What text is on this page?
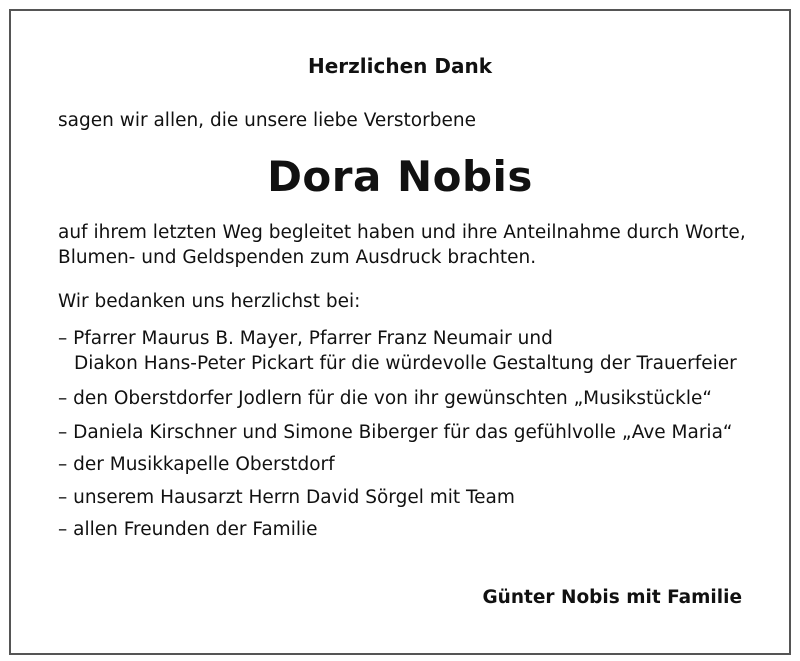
Herzlichen Dank
sagen wir allen, die unsere liebe Verstorbene
Dora Nobis
auf ihrem letzten Weg begleitet haben und ihre Anteilnahme durch Worte,
Blumen- und Geldspenden zum Ausdruck brachten.
Wir bedanken uns herzlichst bei:
– Pfarrer Maurus B. Mayer, Pfarrer Franz Neumair und
Diakon Hans-Peter Pickart für die würdevolle Gestaltung der Trauerfeier
– den Oberstdorfer Jodlern für die von ihr gewünschten „Musikstückle“
– Daniela Kirschner und Simone Biberger für das gefühlvolle „Ave Maria“
– der Musikkapelle Oberstdorf
– unserem Hausarzt Herrn David Sörgel mit Team
– allen Freunden der Familie
Günter Nobis mit Familie
